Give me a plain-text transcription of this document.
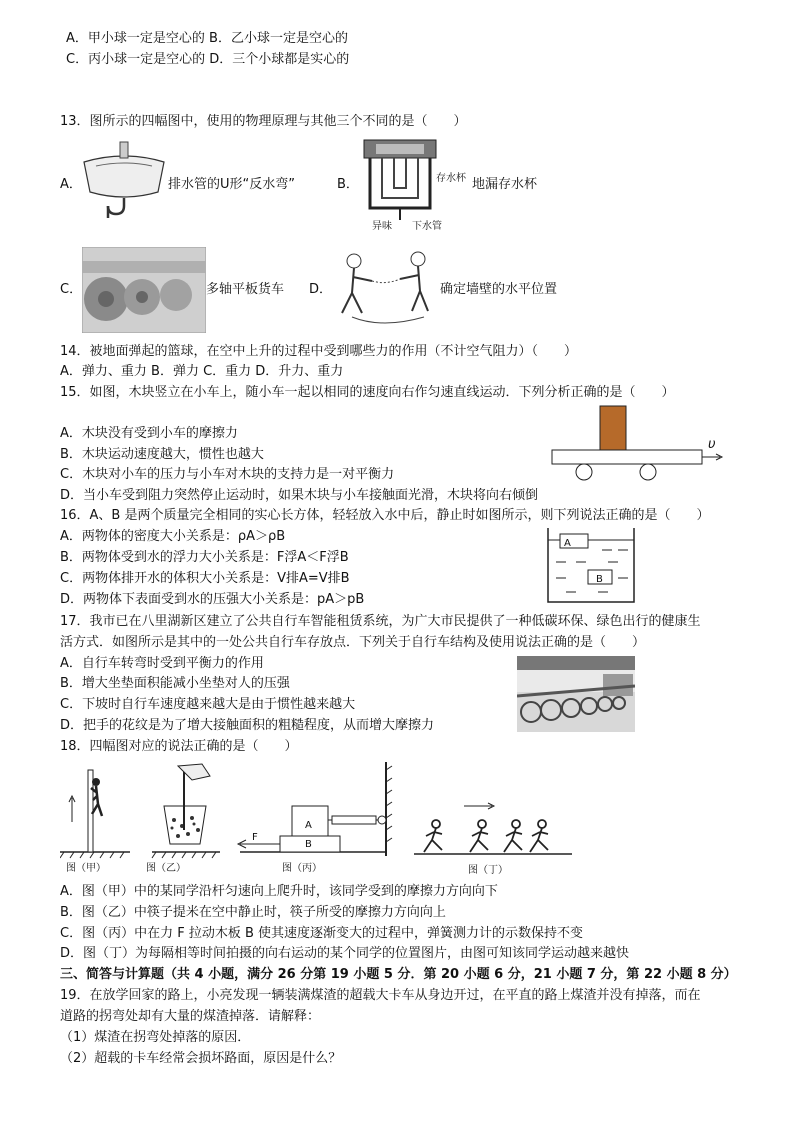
A．甲小球一定是空心的 B．乙小球一定是空心的
C．丙小球一定是空心的 D．三个小球都是实心的
13．图所示的四幅图中，使用的物理原理与其他三个不同的是（　　）
A．	排水管的U形“反水弯”	B．	存水杯 地漏存水杯
异味 下水管
C．	多轴平板货车 D．	确定墙壁的水平位置
14．被地面弹起的篮球，在空中上升的过程中受到哪些力的作用（不计空气阻力）（　　）
A．弹力、重力 B．弹力 C．重力 D．升力、重力
15．如图，木块竖立在小车上，随小车一起以相同的速度向右作匀速直线运动．下列分析正确的是（　　）
A．木块没有受到小车的摩擦力
B．木块运动速度越大，惯性也越大
C．木块对小车的压力与小车对木块的支持力是一对平衡力
D．当小车受到阻力突然停止运动时，如果木块与小车接触面光滑，木块将向右倾倒
υ
16．A、B 是两个质量完全相同的实心长方体，轻轻放入水中后，静止时如图所示，则下列说法正确的是（　　）
A．两物体的密度大小关系是：ρA＞ρB
B．两物体受到水的浮力大小关系是：F浮A＜F浮B
C．两物体排开水的体积大小关系是：V排A=V排B
D．两物体下表面受到水的压强大小关系是：pA＞pB
A
B
17．我市已在八里湖新区建立了公共自行车智能租赁系统，为广大市民提供了一种低碳环保、绿色出行的健康生
活方式．如图所示是其中的一处公共自行车存放点．下列关于自行车结构及使用说法正确的是（　　）
A．自行车转弯时受到平衡力的作用
B．增大坐垫面积能减小坐垫对人的压强
C．下坡时自行车速度越来越大是由于惯性越来越大
D．把手的花纹是为了增大接触面积的粗糙程度，从而增大摩擦力
18．四幅图对应的说法正确的是（　　）
A
B
F
图（甲）	图（乙）	图（丙）	图（丁）
A．图（甲）中的某同学沿杆匀速向上爬升时，该同学受到的摩擦力方向向下
B．图（乙）中筷子提米在空中静止时，筷子所受的摩擦力方向向上
C．图（丙）中在力 F 拉动木板 B 使其速度逐渐变大的过程中，弹簧测力计的示数保持不变
D．图（丁）为每隔相等时间拍摄的向右运动的某个同学的位置图片，由图可知该同学运动越来越快
三、简答与计算题（共 4 小题，满分 26 分第 19 小题 5 分．第 20 小题 6 分，21 小题 7 分，第 22 小题 8 分）
19．在放学回家的路上，小亮发现一辆装满煤渣的超载大卡车从身边开过，在平直的路上煤渣并没有掉落，而在
道路的拐弯处却有大量的煤渣掉落．请解释：
（1）煤渣在拐弯处掉落的原因．
（2）超载的卡车经常会损坏路面，原因是什么？
